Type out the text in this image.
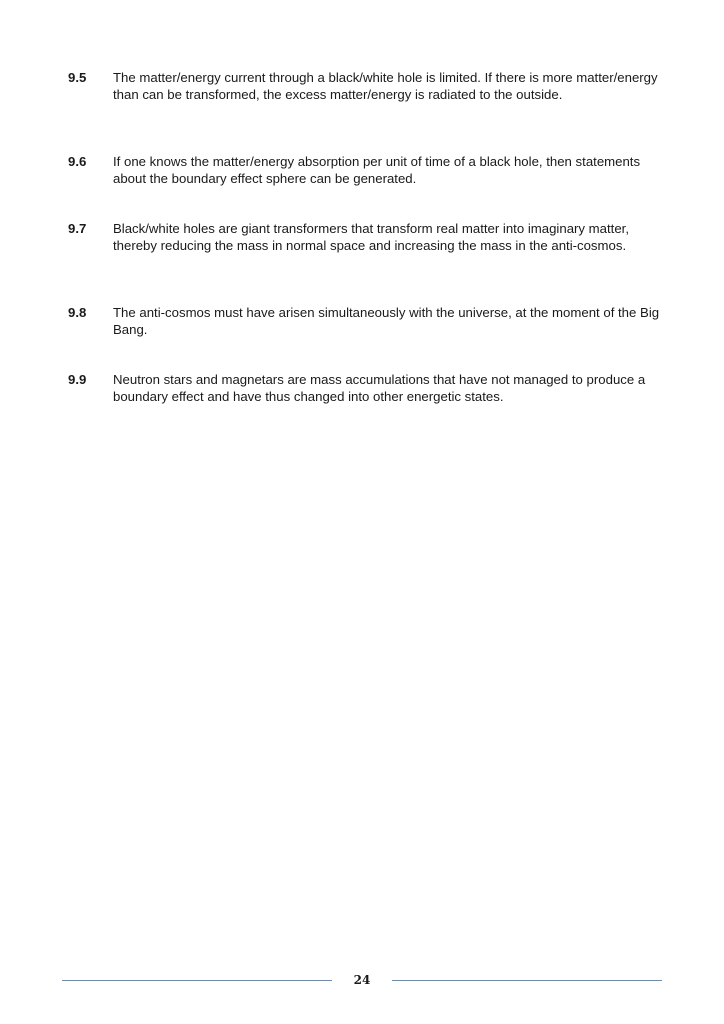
9.5	The matter/energy current through a black/white hole is limited. If there is more matter/energy than can be transformed, the excess matter/energy is radiated to the outside.
9.6	If one knows the matter/energy absorption per unit of time of a black hole, then statements about the boundary effect sphere can be generated.
9.7	Black/white holes are giant transformers that transform real matter into imaginary matter, thereby reducing the mass in normal space and increasing the mass in the anti-cosmos.
9.8	The anti-cosmos must have arisen simultaneously with the universe, at the moment of the Big Bang.
9.9	Neutron stars and magnetars are mass accumulations that have not managed to produce a boundary effect and have thus changed into other energetic states.
24
